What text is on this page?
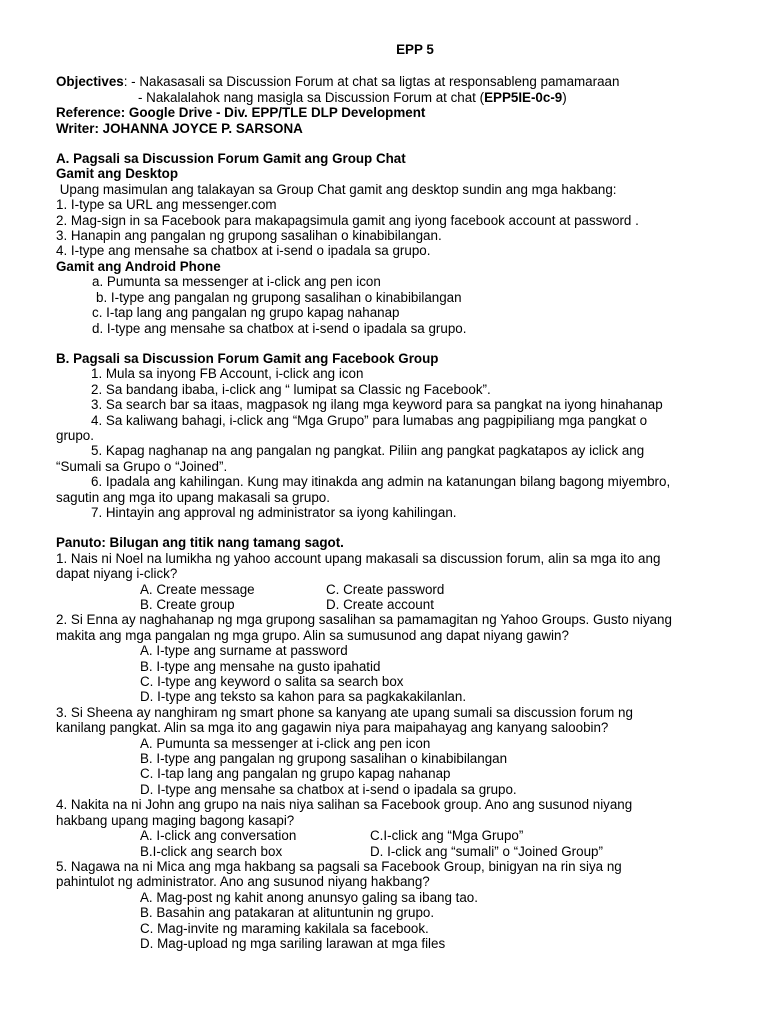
EPP 5
Objectives: - Nakasasali sa Discussion Forum at chat sa ligtas at responsableng pamamaraan
- Nakalalahok nang masigla sa Discussion Forum at chat (EPP5IE-0c-9)
Reference: Google Drive - Div. EPP/TLE DLP Development
Writer: JOHANNA JOYCE P. SARSONA
A. Pagsali sa Discussion Forum Gamit ang Group Chat
Gamit ang Desktop
Upang masimulan ang talakayan sa Group Chat gamit ang desktop sundin ang mga hakbang:
1. I-type sa URL ang messenger.com
2. Mag-sign in sa Facebook para makapagsimula gamit ang iyong facebook account at password .
3. Hanapin ang pangalan ng grupong sasalihan o kinabibilangan.
4. I-type ang mensahe sa chatbox at i-send o ipadala sa grupo.
Gamit ang Android Phone
a. Pumunta sa messenger at i-click ang pen icon
b. I-type ang pangalan ng grupong sasalihan o kinabibilangan
c. I-tap lang ang pangalan ng grupo kapag nahanap
d. I-type ang mensahe sa chatbox at i-send o ipadala sa grupo.
B. Pagsali sa Discussion Forum Gamit ang Facebook Group
1. Mula sa inyong FB Account, i-click ang icon
2. Sa bandang ibaba, i-click ang “ lumipat sa Classic ng Facebook”.
3. Sa search bar sa itaas, magpasok ng ilang mga keyword para sa pangkat na iyong hinahanap
4. Sa kaliwang bahagi, i-click ang “Mga Grupo” para lumabas ang pagpipiliang mga pangkat o
grupo.
5. Kapag naghanap na ang pangalan ng pangkat. Piliin ang pangkat pagkatapos ay iclick ang
“Sumali sa Grupo o “Joined”.
6. Ipadala ang kahilingan. Kung may itinakda ang admin na katanungan bilang bagong miyembro,
sagutin ang mga ito upang makasali sa grupo.
7. Hintayin ang approval ng administrator sa iyong kahilingan.
Panuto: Bilugan ang titik nang tamang sagot.
1. Nais ni Noel na lumikha ng yahoo account upang makasali sa discussion forum, alin sa mga ito ang
dapat niyang i-click?
A. Create message	C. Create password
B. Create group	D. Create account
2. Si Enna ay naghahanap ng mga grupong sasalihan sa pamamagitan ng Yahoo Groups. Gusto niyang
makita ang mga pangalan ng mga grupo. Alin sa sumusunod ang dapat niyang gawin?
A. I-type ang surname at password
B. I-type ang mensahe na gusto ipahatid
C. I-type ang keyword o salita sa search box
D. I-type ang teksto sa kahon para sa pagkakakilanlan.
3. Si Sheena ay nanghiram ng smart phone sa kanyang ate upang sumali sa discussion forum ng
kanilang pangkat. Alin sa mga ito ang gagawin niya para maipahayag ang kanyang saloobin?
A. Pumunta sa messenger at i-click ang pen icon
B. I-type ang pangalan ng grupong sasalihan o kinabibilangan
C. I-tap lang ang pangalan ng grupo kapag nahanap
D. I-type ang mensahe sa chatbox at i-send o ipadala sa grupo.
4. Nakita na ni John ang grupo na nais niya salihan sa Facebook group. Ano ang susunod niyang
hakbang upang maging bagong kasapi?
A. I-click ang conversation	C.I-click ang “Mga Grupo”
B.I-click ang search box	D. I-click ang “sumali” o “Joined Group”
5. Nagawa na ni Mica ang mga hakbang sa pagsali sa Facebook Group, binigyan na rin siya ng
pahintulot ng administrator. Ano ang susunod niyang hakbang?
A. Mag-post ng kahit anong anunsyo galing sa ibang tao.
B. Basahin ang patakaran at alituntunin ng grupo.
C. Mag-invite ng maraming kakilala sa facebook.
D. Mag-upload ng mga sariling larawan at mga files
